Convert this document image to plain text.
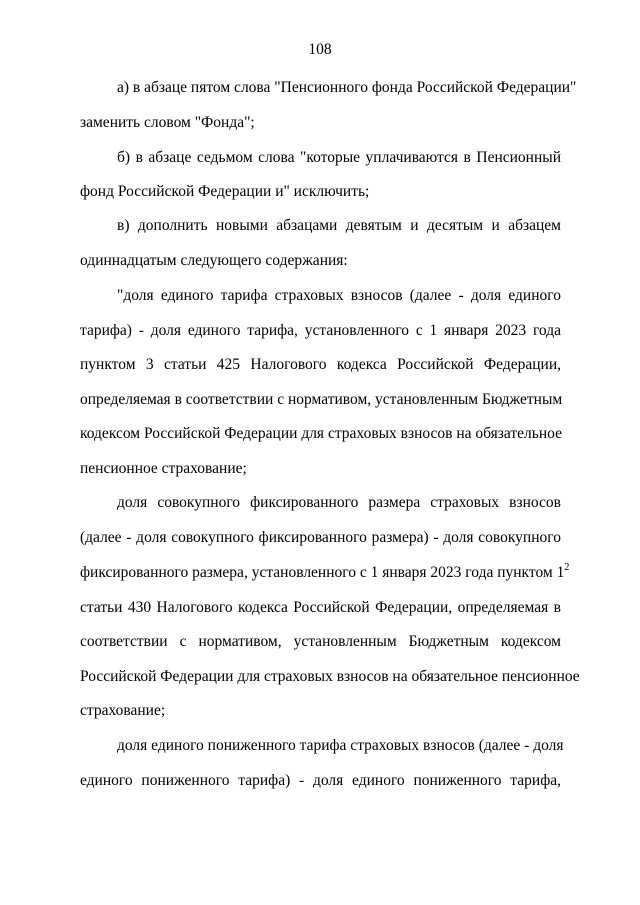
108
а) в абзаце пятом слова "Пенсионного фонда Российской Федерации"
заменить словом "Фонда";
б) в абзаце седьмом слова "которые уплачиваются в Пенсионный
фонд Российской Федерации и" исключить;
в) дополнить новыми абзацами девятым и десятым и абзацем
одиннадцатым следующего содержания:
"доля единого тарифа страховых взносов (далее - доля единого
тарифа) - доля единого тарифа, установленного с 1 января 2023 года
пунктом 3 статьи 425 Налогового кодекса Российской Федерации,
определяемая в соответствии с нормативом, установленным Бюджетным
кодексом Российской Федерации для страховых взносов на обязательное
пенсионное страхование;
доля совокупного фиксированного размера страховых взносов
(далее - доля совокупного фиксированного размера) - доля совокупного
фиксированного размера, установленного с 1 января 2023 года пунктом $1^2$
статьи 430 Налогового кодекса Российской Федерации, определяемая в
соответствии с нормативом, установленным Бюджетным кодексом
Российской Федерации для страховых взносов на обязательное пенсионное
страхование;
доля единого пониженного тарифа страховых взносов (далее - доля
единого пониженного тарифа) - доля единого пониженного тарифа,
